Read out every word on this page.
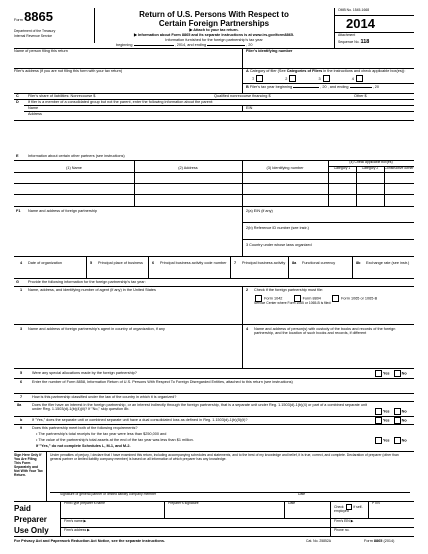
Form 8865
Department of the Treasury
Internal Revenue Service
Return of U.S. Persons With Respect to
Certain Foreign Partnerships
▶ Attach to your tax return.
▶ Information about Form 8865 and its separate instructions is at www.irs.gov/form8865.
Information furnished for the foreign partnership’s tax year
beginning	, 2014, and ending	, 20
OMB No. 1545-1668
2014
Attachment
Sequence No. 118
Name of person filing this return	Filer’s identifying number
Filer’s address (if you are not filing this form with your tax return)	A Category of filer (See Categories of Filers in the instructions and check applicable box(es)):
1	2	3	4
B Filer’s tax year beginning	, 20 , and ending	, 20
C Filer’s share of liabilities: Nonrecourse $	Qualified nonrecourse financing $	Other $
D If filer is a member of a consolidated group but not the parent, enter the following information about the parent:
Name	EIN
Address
E Information about certain other partners (see instructions)
(1) Name	(2) Address	(3) Identifying number
(4) Check applicable box(es)
Category 1	Category 2	Constructive owner
F1 Name and address of foreign partnership	2(a) EIN (if any)
2(b) Reference ID number (see instr.)
3 Country under whose laws organized
4 Date of organization	5 Principal place of business	6 Principal business activity code number	7 Principal business activity	8a Functional currency	8b Exchange rate (see instr.)
G Provide the following information for the foreign partnership’s tax year:
1 Name, address, and identifying number of agent (if any) in the United States	2 Check if the foreign partnership must file:
Form 1042	Form 8804	Form 1065 or 1065-B
Service Center where Form 1065 or 1065-B is filed:
3 Name and address of foreign partnership’s agent in country of organization, if any	4 Name and address of person(s) with custody of the books and records of the foreign partnership, and the location of such books and records, if different
5	Were any special allocations made by the foreign partnership?	Yes	No
6	Enter the number of Form 8858, Information Return of U.S. Persons With Respect To Foreign Disregarded Entities, attached to this return (see instructions)
7	How is this partnership classified under the law of the country in which it is organized?
8a	Does the filer have an interest in the foreign partnership, or an interest indirectly through the foreign partnership, that is a separate unit under Reg. 1.1503(d)-1(b)(4) or part of a combined separate unit under Reg. 1.1503(d)-1(b)(4)(ii)? If "No," skip question 8b.
Yes	No
b	If "Yes," does the separate unit or combined separate unit have a dual consolidated loss as defined in Reg. 1.1503(d)-1(b)(5)(ii)?	Yes	No
9	Does this partnership meet both of the following requirements?
• The partnership’s total receipts for the tax year were less than $250,000 and
• The value of the partnership’s total assets at the end of the tax year was less than $1 million.
If "Yes," do not complete Schedules L, M-1, and M-2.
Yes	No
Sign Here Only If You Are Filing This Form Separately and Not With Your Tax Return.
Under penalties of perjury, I declare that I have examined this return, including accompanying schedules and statements, and to the best of my knowledge and belief, it is true, correct, and complete. Declaration of preparer (other than general partner or limited liability company member) is based on all information of which preparer has any knowledge.
Signature of general partner or limited liability company member	Date
Paid
Preparer
Use Only
Print/Type preparer’s name	Preparer’s signature	Date
Check	if self-employed
PTIN
Firm’s name ▶	Firm’s EIN ▶
Firm’s address ▶	Phone no.
For Privacy Act and Paperwork Reduction Act Notice, see the separate instructions.	Cat. No. 25852A	Form 8865 (2014)
